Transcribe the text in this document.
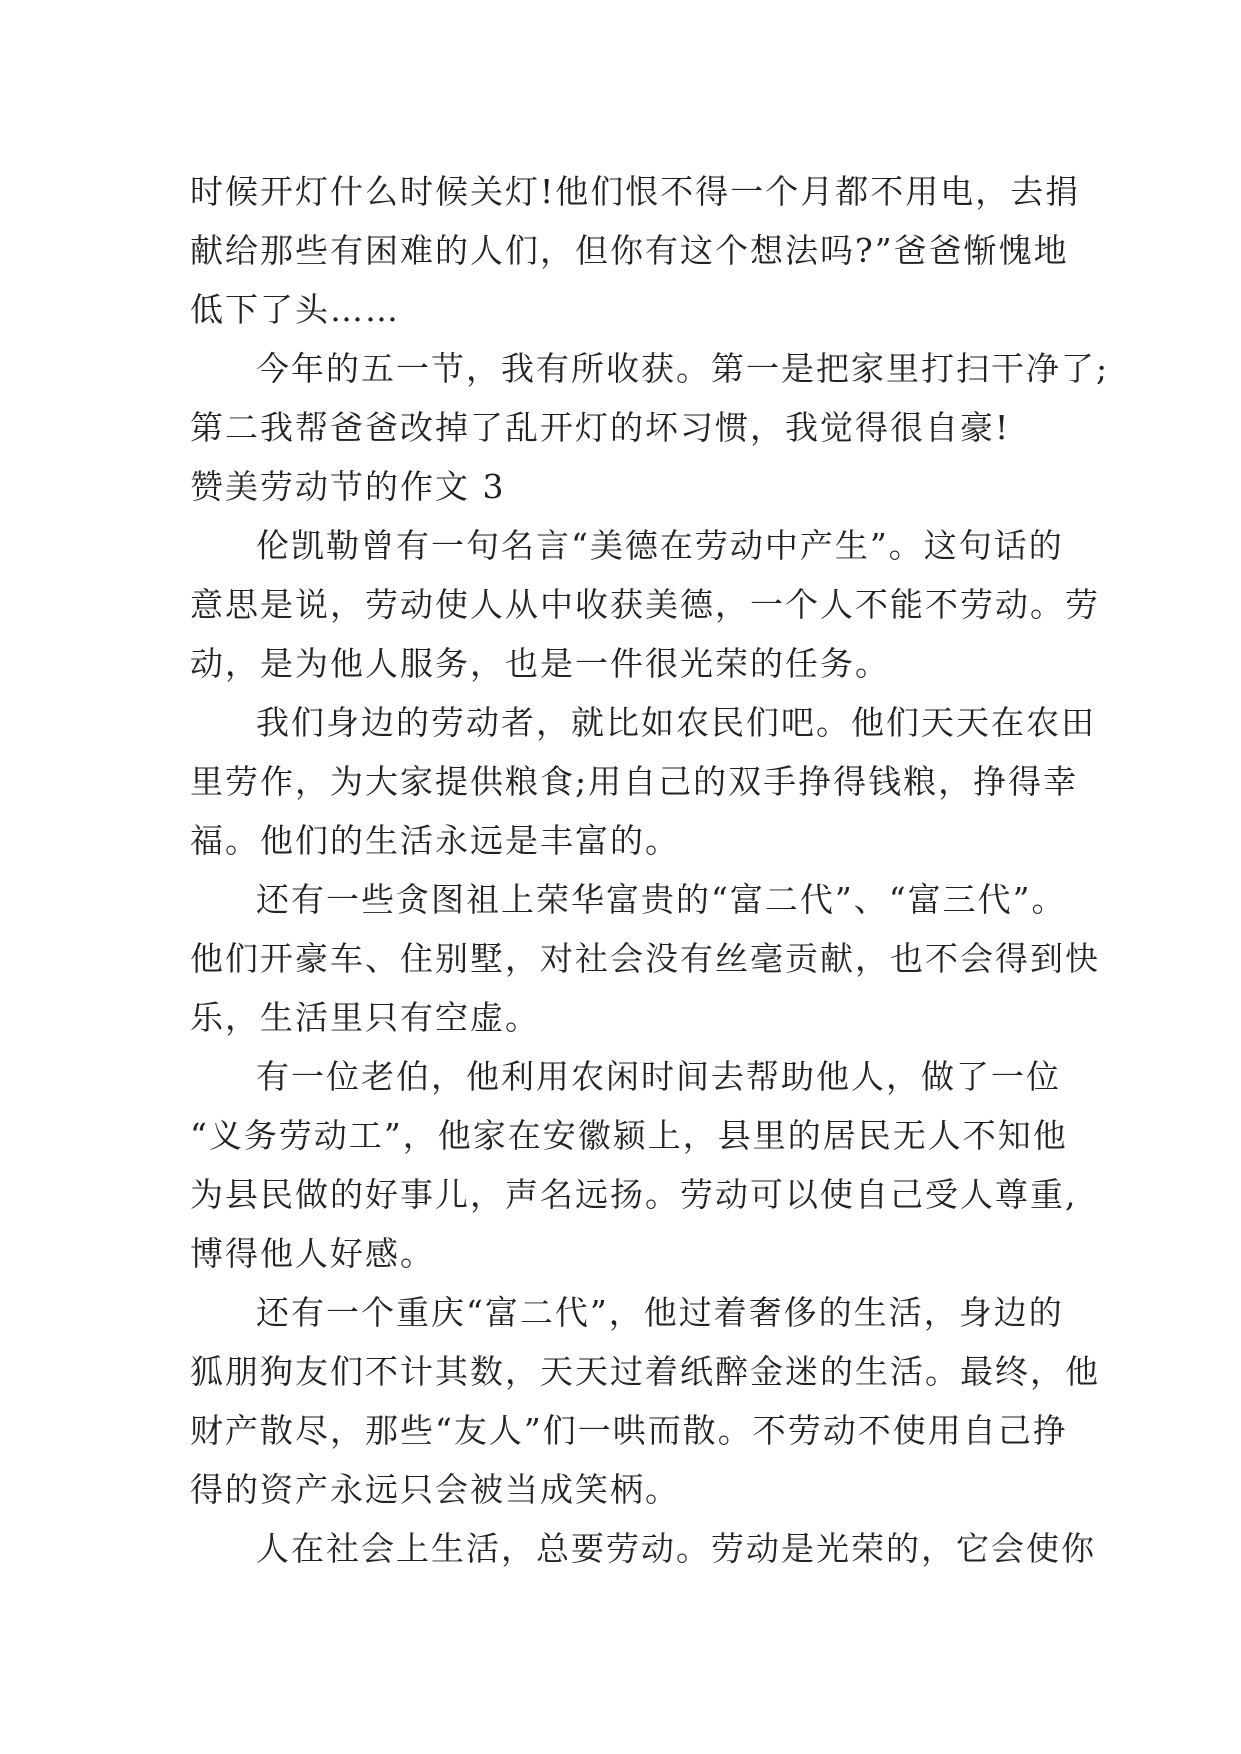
时候开灯什么时候关灯!他们恨不得一个月都不用电，去捐
献给那些有困难的人们，但你有这个想法吗?”爸爸惭愧地
低下了头……
今年的五一节，我有所收获。第一是把家里打扫干净了;
第二我帮爸爸改掉了乱开灯的坏习惯，我觉得很自豪!
赞美劳动节的作文 3
伦凯勒曾有一句名言“美德在劳动中产生”。这句话的
意思是说，劳动使人从中收获美德，一个人不能不劳动。劳
动，是为他人服务，也是一件很光荣的任务。
我们身边的劳动者，就比如农民们吧。他们天天在农田
里劳作，为大家提供粮食;用自己的双手挣得钱粮，挣得幸
福。他们的生活永远是丰富的。
还有一些贪图祖上荣华富贵的“富二代”、“富三代”。
他们开豪车、住别墅，对社会没有丝毫贡献，也不会得到快
乐，生活里只有空虚。
有一位老伯，他利用农闲时间去帮助他人，做了一位
“义务劳动工”，他家在安徽颍上，县里的居民无人不知他
为县民做的好事儿，声名远扬。劳动可以使自己受人尊重,
博得他人好感。
还有一个重庆“富二代”，他过着奢侈的生活，身边的
狐朋狗友们不计其数，天天过着纸醉金迷的生活。最终，他
财产散尽，那些“友人”们一哄而散。不劳动不使用自己挣
得的资产永远只会被当成笑柄。
人在社会上生活，总要劳动。劳动是光荣的，它会使你
